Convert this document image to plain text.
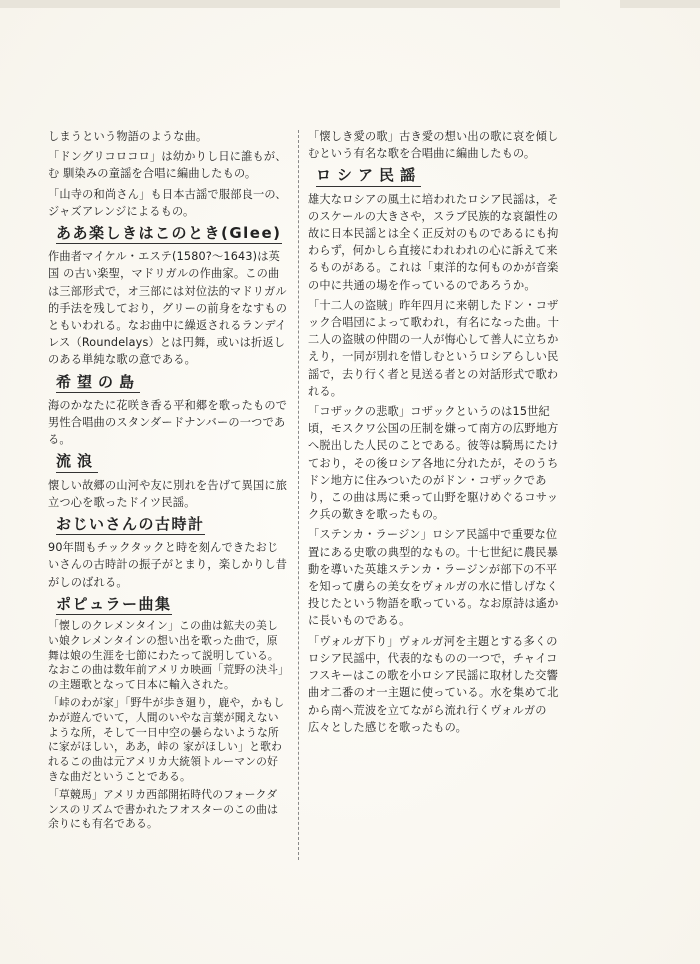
しまうという物語のような曲。

「ドングリコロコロ」は幼かりし日に誰もが、む 馴染みの童謡を合唱に編曲したもの。

「山寺の和尚さん」も日本古謡で服部良一の、ジャズアレンジによるもの。

ああ楽しきはこのとき(Glee)

作曲者マイケル・エステ(1580?～1643)は英国 の古い楽聖，マドリガルの作曲家。この曲は三部形式で，オ三部には対位法的マドリガル的手法を残しており，グリーの前身をなすものともいわれる。なお曲中に繰返されるランデイレス（Roundelays）とは円舞，或いは折返しのある単純な歌の意である。

希望の島

海のかなたに花咲き香る平和郷を歌ったもので男性合唱曲のスタンダードナンバーの一つである。

流浪

懐しい故郷の山河や友に別れを告げて異国に旅立つ心を歌ったドイツ民謡。

おじいさんの古時計

90年間もチックタックと時を刻んできたおじいさんの古時計の振子がとまり，楽しかりし昔がしのばれる。

ポピュラー曲集

「懐しのクレメンタイン」この曲は鉱夫の美しい娘クレメンタインの想い出を歌った曲で，原舞は娘の生涯を七節にわたって説明している。なおこの曲は数年前アメリカ映画「荒野の決斗」の主題歌となって日本に輸入された。

「峠のわが家」「野牛が歩き廻り，鹿や，かもしかが遊んでいて，人間のいやな言葉が聞えないような所，そして一日中空の曇らないような所に家がほしい，ああ，峠の 家がほしい」と歌われるこの曲は元アメリカ大統領トルーマンの好きな曲だということである。

「草競馬」アメリカ西部開拓時代のフォークダンスのリズムで書かれたフオスターのこの曲は余りにも有名である。

「懐しき愛の歌」古き愛の想い出の歌に哀を傾しむという有名な歌を合唱曲に編曲したもの。

ロシア民謡

雄大なロシアの風土に培われたロシア民謡は，そのスケールの大きさや，スラブ民族的な哀韻性の故に日本民謡とは全く正反対のものであるにも拘わらず，何かしら直接にわれわれの心に訴えて来るものがある。これは「東洋的な何ものかが音楽の中に共通の場を作っているのであろうか。

「十二人の盗賊」昨年四月に来朝したドン・コザック合唱団によって歌われ，有名になった曲。十二人の盗賊の仲間の一人が悔心して善人に立ちかえり，一同が別れを惜しむというロシアらしい民謡で，去り行く者と見送る者との対話形式で歌われる。

「コザックの悲歌」コザックというのは15世紀頃，モスクワ公国の圧制を嫌って南方の広野地方へ脱出した人民のことである。彼等は騎馬にたけており，その後ロシア各地に分れたが，そのうちドン地方に住みついたのがドン・コザックであり，この曲は馬に乗って山野を駆けめぐるコサック兵の歎きを歌ったもの。

「ステンカ・ラージン」ロシア民謡中で重要な位置にある史歌の典型的なもの。十七世紀に農民暴動を導いた英雄ステンカ・ラージンが部下の不平を知って虜らの美女をヴォルガの水に惜しげなく投じたという物語を歌っている。なお原詩は遙かに長いものである。

「ヴォルガ下り」ヴォルガ河を主題とする多くのロシア民謡中，代表的なものの一つで，チャイコフスキーはこの歌を小ロシア民謡に取材した交響曲オ二番のオ一主題に使っている。水を集めて北から南へ荒波を立てながら流れ行くヴォルガの広々とした感じを歌ったもの。
